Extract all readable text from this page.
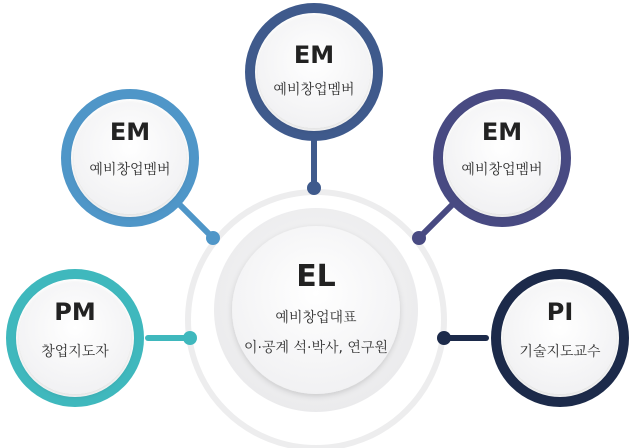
EL
예비창업대표
이·공계 석·박사, 연구원
EM
예비창업멤버
EM
예비창업멤버
EM
예비창업멤버
PM
창업지도자
PI
기술지도교수
